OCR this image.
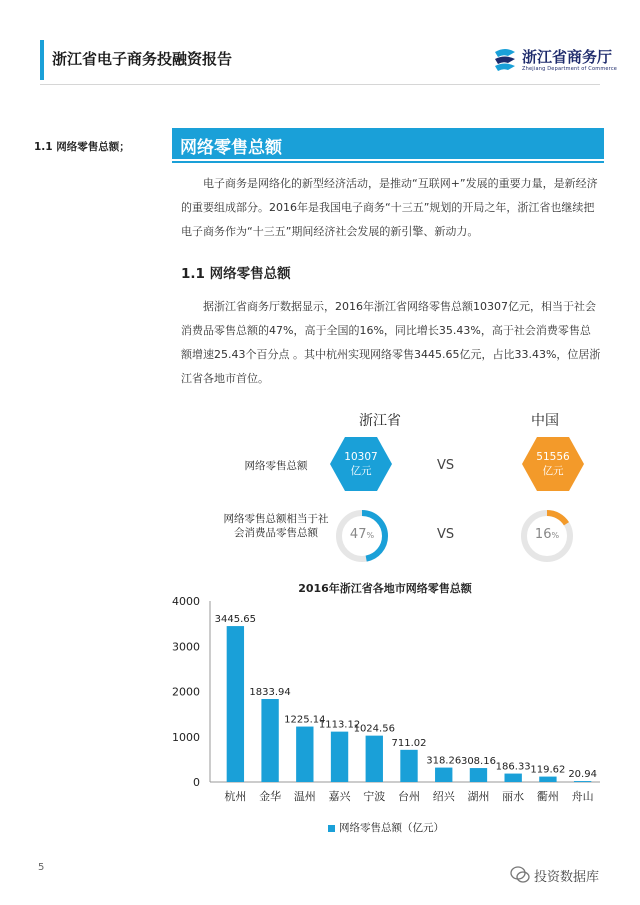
浙江省电子商务投融资报告	浙江省商务厅
Zhejiang Department of Commerce
1.1 网络零售总额；	网络零售总额
电子商务是网络化的新型经济活动，是推动“互联网+”发展的重要力量，是新经济的重要组成部分。2016年是我国电子商务“十三五”规划的开局之年，浙江省也继续把电子商务作为“十三五”期间经济社会发展的新引擎、新动力。
1.1 网络零售总额
据浙江省商务厅数据显示，2016年浙江省网络零售总额10307亿元，相当于社会消费品零售总额的47%，高于全国的16%，同比增长35.43%，高于社会消费零售总额增速25.43个百分点 。其中杭州实现网络零售3445.65亿元，占比33.43%，位居浙江省各地市首位。
浙江省	中国
网络零售总额
网络零售总额相当于社会消费品零售总额
VS
VS
10307
亿元
51556
亿元
47%	16%
2016年浙江省各地市网络零售总额
0
1000
2000
3000
4000
3445.65
杭州
1833.94
金华
1225.14
温州
1113.12
嘉兴
1024.56
宁波
711.02
台州
318.26
绍兴
308.16
湖州
186.33
丽水
119.62
衢州
20.94
舟山
网络零售总额（亿元）
5
投资数据库
